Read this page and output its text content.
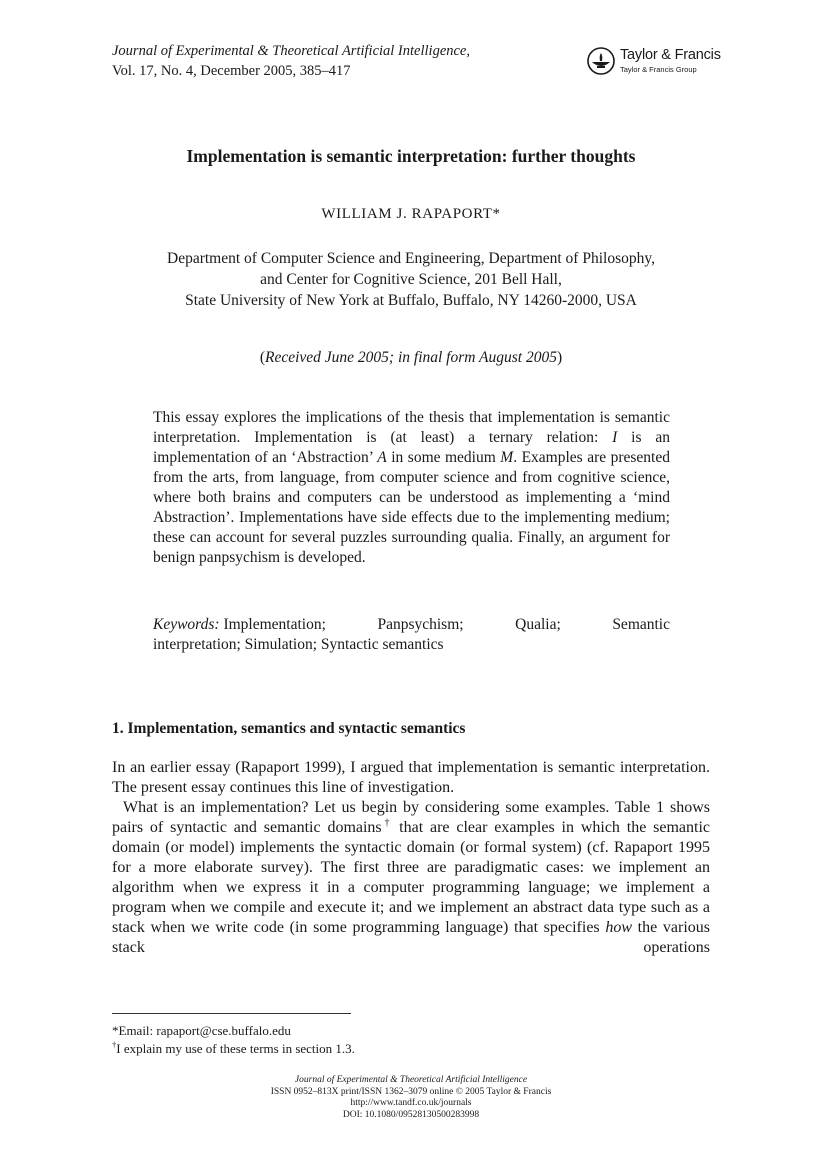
Journal of Experimental & Theoretical Artificial Intelligence,
Vol. 17, No. 4, December 2005, 385–417
Taylor & Francis
Taylor & Francis Group
Implementation is semantic interpretation: further thoughts
WILLIAM J. RAPAPORT*
Department of Computer Science and Engineering, Department of Philosophy,
and Center for Cognitive Science, 201 Bell Hall,
State University of New York at Buffalo, Buffalo, NY 14260-2000, USA
(Received June 2005; in final form August 2005)

This essay explores the implications of the thesis that implementation is semantic interpretation. Implementation is (at least) a ternary relation: I is an implementation of an ‘Abstraction’ A in some medium M. Examples are presented from the arts, from language, from computer science and from cognitive science, where both brains and computers can be understood as implementing a ‘mind Abstraction’. Implementations have side effects due to the implementing medium; these can account for several puzzles surrounding qualia. Finally, an argument for benign panpsychism is developed.

Keywords: Implementation;	Panpsychism;	Qualia;	Semantic
interpretation; Simulation; Syntactic semantics
1. Implementation, semantics and syntactic semantics

In an earlier essay (Rapaport 1999), I argued that implementation is semantic interpretation. The present essay continues this line of investigation.

What is an implementation? Let us begin by considering some examples. Table 1 shows pairs of syntactic and semantic domains† that are clear examples in which the semantic domain (or model) implements the syntactic domain (or formal system) (cf. Rapaport 1995 for a more elaborate survey). The first three are paradigmatic cases: we implement an algorithm when we express it in a computer programming language; we implement a program when we compile and execute it; and we implement an abstract data type such as a stack when we write code (in some programming language) that specifies how the various stack operations

*Email: rapaport@cse.buffalo.edu
†I explain my use of these terms in section 1.3.
Journal of Experimental & Theoretical Artificial Intelligence
ISSN 0952–813X print/ISSN 1362–3079 online © 2005 Taylor & Francis
http://www.tandf.co.uk/journals
DOI: 10.1080/09528130500283998
